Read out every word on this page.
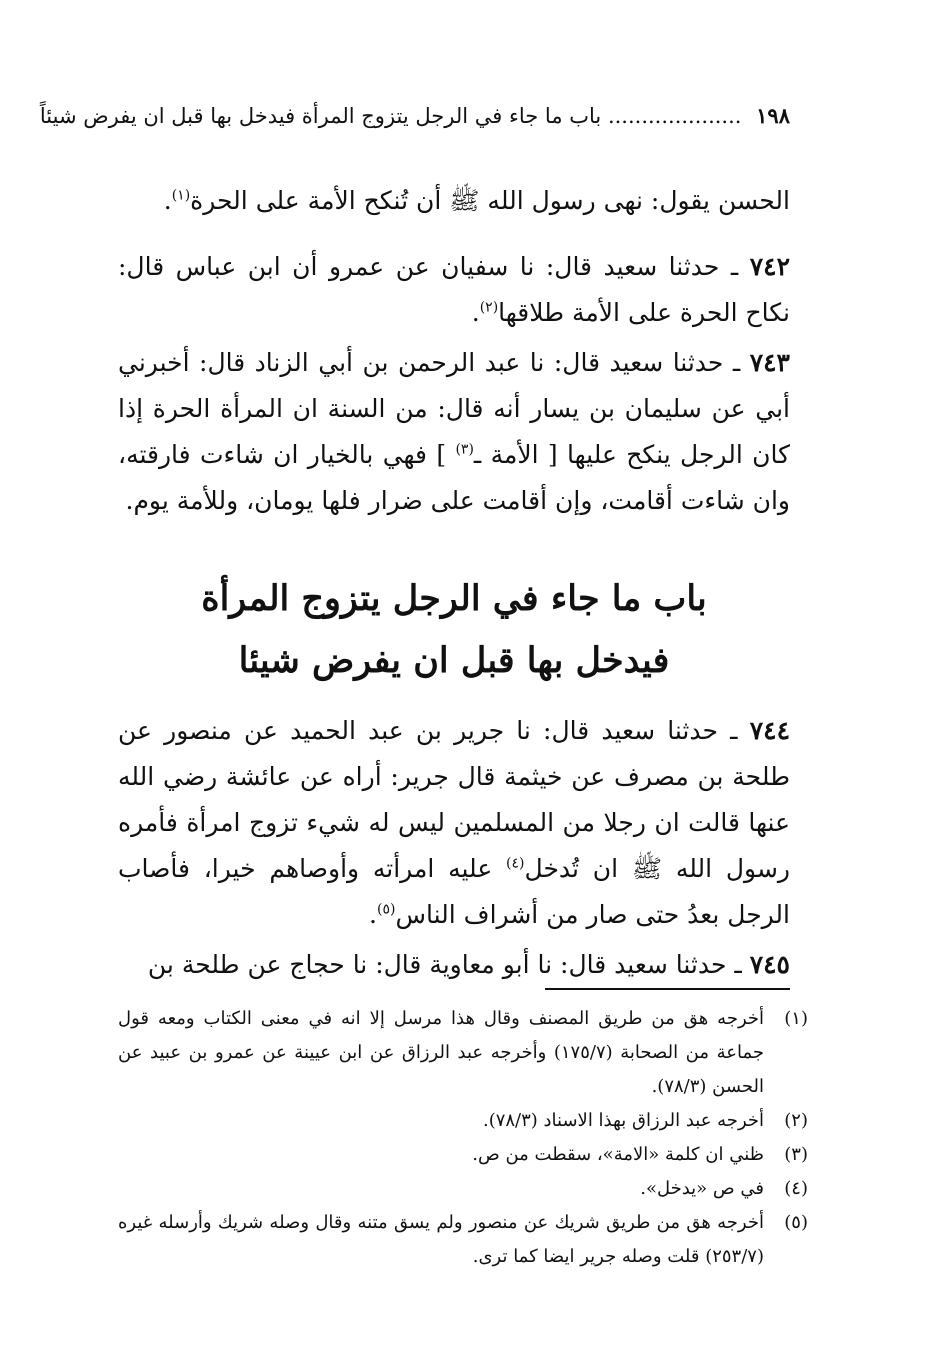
١٩٨ .................... باب ما جاء في الرجل يتزوج المرأة فيدخل بها قبل ان يفرض شيئاً
الحسن يقول: نهى رسول الله ﷺ أن تُنكح الأمة على الحرة$^{(١)}$.
٧٤٢ ـ حدثنا سعيد قال: نا سفيان عن عمرو أن ابن عباس قال: نكاح الحرة على الأمة طلاقها$^{(٢)}$.
٧٤٣ ـ حدثنا سعيد قال: نا عبد الرحمن بن أبي الزناد قال: أخبرني أبي عن سليمان بن يسار أنه قال: من السنة ان المرأة الحرة إذا كان الرجل ينكح عليها [ الأمة ـ$^{(٣)}$ ] فهي بالخيار ان شاءت فارقته، وان شاءت أقامت، وإن أقامت على ضرار فلها يومان، وللأمة يوم.
باب ما جاء في الرجل يتزوج المرأة
فيدخل بها قبل ان يفرض شيئا
٧٤٤ ـ حدثنا سعيد قال: نا جرير بن عبد الحميد عن منصور عن طلحة بن مصرف عن خيثمة قال جرير: أراه عن عائشة رضي الله عنها قالت ان رجلا من المسلمين ليس له شيء تزوج امرأة فأمره رسول الله ﷺ ان تُدخل$^{(٤)}$ عليه امرأته وأوصاهم خيرا، فأصاب الرجل بعدُ حتى صار من أشراف الناس$^{(٥)}$.
٧٤٥ ـ حدثنا سعيد قال: نا أبو معاوية قال: نا حجاج عن طلحة بن
(١)
أخرجه هق من طريق المصنف وقال هذا مرسل إلا انه في معنى الكتاب ومعه قول جماعة من الصحابة (١٧٥/٧) وأخرجه عبد الرزاق عن ابن عيينة عن عمرو بن عبيد عن الحسن (٧٨/٣).
(٢)
أخرجه عبد الرزاق بهذا الاسناد (٧٨/٣).
(٣)
ظني ان كلمة «الامة»، سقطت من ص.
(٤)
في ص «يدخل».
(٥)
أخرجه هق من طريق شريك عن منصور ولم يسق متنه وقال وصله شريك وأرسله غيره (٢٥٣/٧) قلت وصله جرير ايضا كما ترى.
